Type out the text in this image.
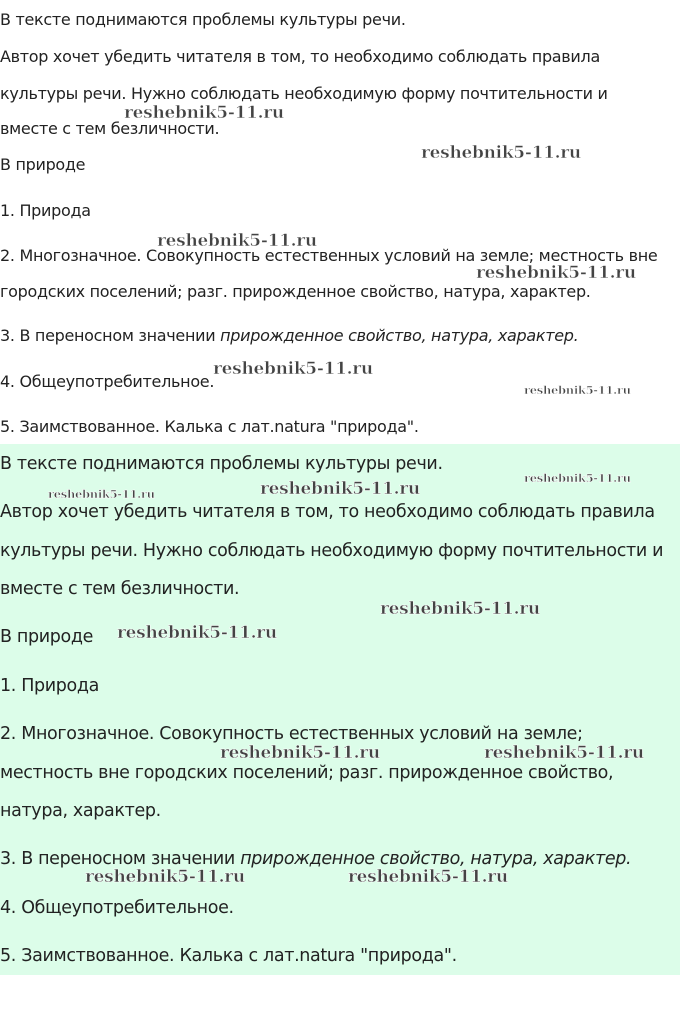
В тексте поднимаются проблемы культуры речи.

Автор хочет убедить читателя в том, то необходимо соблюдать правила

культуры речи. Нужно соблюдать необходимую форму почтительности и

вместе с тем безличности.

В природе

1. Природа

2. Многозначное. Совокупность естественных условий на земле; местность вне

городских поселений; разг. прирожденное свойство, натура, характер.

3. В переносном значении прирожденное свойство, натура, характер.

4. Общеупотребительное.

5. Заимствованное. Калька с лат.natura "природа".

В тексте поднимаются проблемы культуры речи.

Автор хочет убедить читателя в том, то необходимо соблюдать правила

культуры речи. Нужно соблюдать необходимую форму почтительности и

вместе с тем безличности.

В природе

1. Природа

2. Многозначное. Совокупность естественных условий на земле;

местность вне городских поселений; разг. прирожденное свойство,

натура, характер.

3. В переносном значении прирожденное свойство, натура, характер.

4. Общеупотребительное.

5. Заимствованное. Калька с лат.natura "природа".

reshebnik5-11.ru
reshebnik5-11.ru
reshebnik5-11.ru
reshebnik5-11.ru
reshebnik5-11.ru
reshebnik5-11.ru
reshebnik5-11.ru
reshebnik5-11.ru	reshebnik5-11.ru
reshebnik5-11.ru
reshebnik5-11.ru
reshebnik5-11.ru	reshebnik5-11.ru
reshebnik5-11.ru	reshebnik5-11.ru
